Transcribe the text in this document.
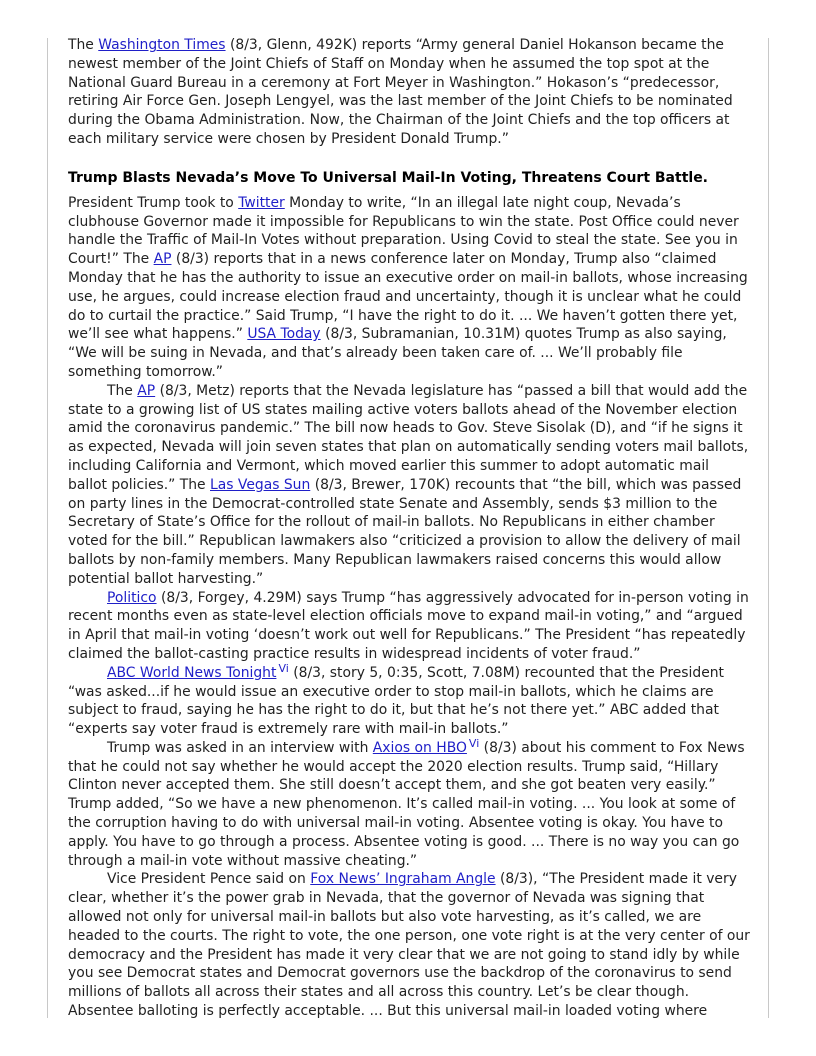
The Washington Times (8/3, Glenn, 492K) reports “Army general Daniel Hokanson became the newest member of the Joint Chiefs of Staff on Monday when he assumed the top spot at the National Guard Bureau in a ceremony at Fort Meyer in Washington.” Hokason’s “predecessor, retiring Air Force Gen. Joseph Lengyel, was the last member of the Joint Chiefs to be nominated during the Obama Administration. Now, the Chairman of the Joint Chiefs and the top officers at each military service were chosen by President Donald Trump.”

Trump Blasts Nevada’s Move To Universal Mail-In Voting, Threatens Court Battle.

President Trump took to Twitter Monday to write, “In an illegal late night coup, Nevada’s clubhouse Governor made it impossible for Republicans to win the state. Post Office could never handle the Traffic of Mail-In Votes without preparation. Using Covid to steal the state. See you in Court!” The AP (8/3) reports that in a news conference later on Monday, Trump also “claimed Monday that he has the authority to issue an executive order on mail-in ballots, whose increasing use, he argues, could increase election fraud and uncertainty, though it is unclear what he could do to curtail the practice.” Said Trump, “I have the right to do it. ... We haven’t gotten there yet, we’ll see what happens.” USA Today (8/3, Subramanian, 10.31M) quotes Trump as also saying, “We will be suing in Nevada, and that’s already been taken care of. ... We’ll probably file something tomorrow.”

The AP (8/3, Metz) reports that the Nevada legislature has “passed a bill that would add the state to a growing list of US states mailing active voters ballots ahead of the November election amid the coronavirus pandemic.” The bill now heads to Gov. Steve Sisolak (D), and “if he signs it as expected, Nevada will join seven states that plan on automatically sending voters mail ballots, including California and Vermont, which moved earlier this summer to adopt automatic mail ballot policies.” The Las Vegas Sun (8/3, Brewer, 170K) recounts that “the bill, which was passed on party lines in the Democrat-controlled state Senate and Assembly, sends $3 million to the Secretary of State’s Office for the rollout of mail-in ballots. No Republicans in either chamber voted for the bill.” Republican lawmakers also “criticized a provision to allow the delivery of mail ballots by non-family members. Many Republican lawmakers raised concerns this would allow potential ballot harvesting.”

Politico (8/3, Forgey, 4.29M) says Trump “has aggressively advocated for in-person voting in recent months even as state-level election officials move to expand mail-in voting,” and “argued in April that mail-in voting ‘doesn’t work out well for Republicans.” The President “has repeatedly claimed the ballot-casting practice results in widespread incidents of voter fraud.”

ABC World News Tonight $^{Vi}$ (8/3, story 5, 0:35, Scott, 7.08M) recounted that the President “was asked...if he would issue an executive order to stop mail-in ballots, which he claims are subject to fraud, saying he has the right to do it, but that he’s not there yet.” ABC added that “experts say voter fraud is extremely rare with mail-in ballots.”

Trump was asked in an interview with Axios on HBO $^{Vi}$ (8/3) about his comment to Fox News that he could not say whether he would accept the 2020 election results. Trump said, “Hillary Clinton never accepted them. She still doesn’t accept them, and she got beaten very easily.” Trump added, “So we have a new phenomenon. It’s called mail-in voting. ... You look at some of the corruption having to do with universal mail-in voting. Absentee voting is okay. You have to apply. You have to go through a process. Absentee voting is good. ... There is no way you can go through a mail-in vote without massive cheating.”

Vice President Pence said on Fox News’ Ingraham Angle (8/3), “The President made it very clear, whether it’s the power grab in Nevada, that the governor of Nevada was signing that allowed not only for universal mail-in ballots but also vote harvesting, as it’s called, we are headed to the courts. The right to vote, the one person, one vote right is at the very center of our democracy and the President has made it very clear that we are not going to stand idly by while you see Democrat states and Democrat governors use the backdrop of the coronavirus to send millions of ballots all across their states and all across this country. Let’s be clear though. Absentee balloting is perfectly acceptable. ... But this universal mail-in loaded voting where
